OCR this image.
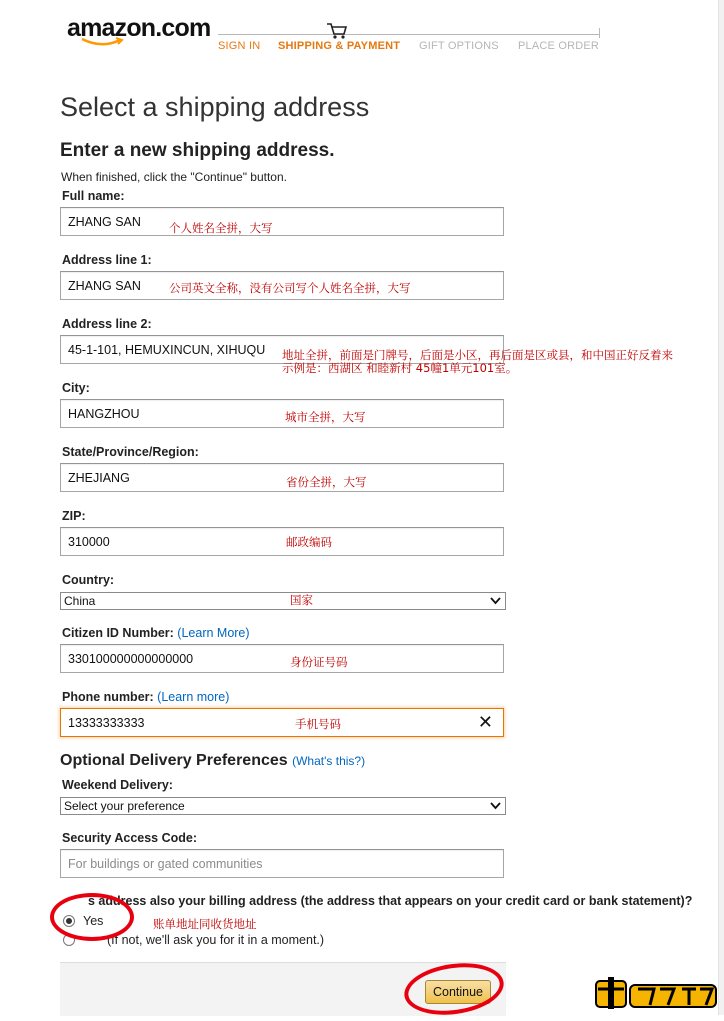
amazon.com
SIGN IN SHIPPING & PAYMENT GIFT OPTIONS PLACE ORDER
Select a shipping address
Enter a new shipping address.
When finished, click the "Continue" button.
Full name:
ZHANG SAN 个人姓名全拼，大写
Address line 1:
ZHANG SAN 公司英文全称，没有公司写个人姓名全拼，大写
Address line 2:
45-1-101, HEMUXINCUN, XIHUQU 地址全拼，前面是门牌号，后面是小区，再后面是区或县，和中国正好反着来
示例是：西湖区 和睦新村 45幢1单元101室。
City:
HANGZHOU	城市全拼，大写
State/Province/Region:
ZHEJIANG	省份全拼，大写
ZIP:
310000	邮政编码
Country:
China	国家
Citizen ID Number: (Learn More)
330100000000000000	身份证号码
Phone number: (Learn more)
13333333333	✕
手机号码
Optional Delivery Preferences (What's this?)
Weekend Delivery:
Select your preference
Security Access Code:
For buildings or gated communities
s address also your billing address (the address that appears on your credit card or bank statement)?
Yes
(If not, we'll ask you for it in a moment.)
账单地址同收货地址
Continue
